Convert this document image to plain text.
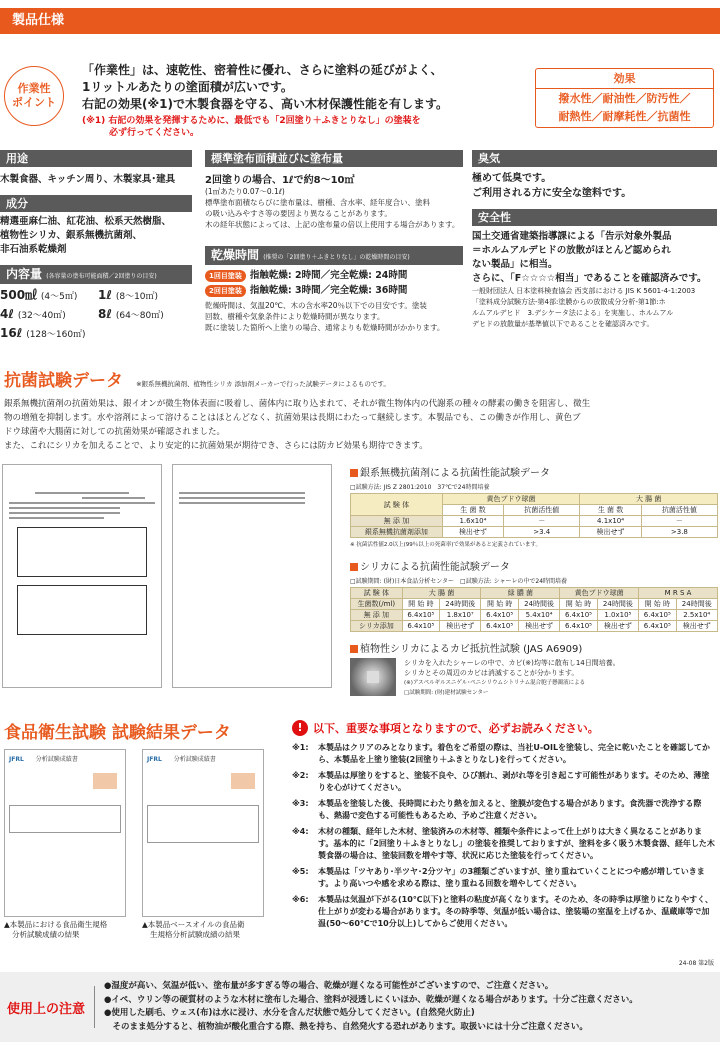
製品仕様
作業性
ポイント
「作業性」は、速乾性、密着性に優れ、さらに塗料の延びがよく、
1リットルあたりの塗面積が広いです。
右記の効果(※1)で木製食器を守る、高い木材保護性能を有します。
(※1) 右記の効果を発揮するために、最低でも「2回塗り＋ふきとりなし」の塗装を
必ず行ってください。
効果
撥水性／耐油性／防汚性／
耐熱性／耐摩耗性／抗菌性
用途
木製食器、キッチン周り、木製家具･建具
成分
精選亜麻仁油、紅花油、松系天然樹脂、
植物性シリカ、銀系無機抗菌剤、
非石油系乾燥剤
内容量 (各容量の塗布可能面積／2回塗りの目安)
500㎖ (4～5㎡)	1ℓ (8～10㎡)
4ℓ (32～40㎡)	8ℓ (64～80㎡)
16ℓ (128～160㎡)
標準塗布面積並びに塗布量
2回塗りの場合、1ℓで約8～10㎡
(1㎡あたり0.07～0.1ℓ)
標準塗布面積ならびに塗布量は、樹種、含水率、経年度合い、塗料
の吸い込みやすさ等の要因より異なることがあります。
木の経年状態によっては、上記の塗布量の倍以上使用する場合があります。
乾燥時間 (推奨の「2回塗り＋ふきとりなし」の乾燥時間の目安)
1回目塗装 指触乾燥: 2時間／完全乾燥: 24時間
2回目塗装 指触乾燥: 3時間／完全乾燥: 36時間
乾燥時間は、気温20℃、木の含水率20％以下での目安です。塗装
回数、樹種や気象条件により乾燥時間が異なります。
既に塗装した箇所へ上塗りの場合、通常よりも乾燥時間がかかります。
臭気
極めて低臭です。
ご利用される方に安全な塗料です。
安全性
国土交通省建築指導課による「告示対象外製品
＝ホルムアルデヒドの放散がほとんど認められ
ない製品」に相当。
さらに、「F☆☆☆☆相当」であることを確認済みです。
一般財団法人 日本塗料検査協会 西支部における JIS K 5601-4-1:2003
「塗料成分試験方法-第4部:塗膜からの放散成分分析-第1節:ホ
ルムアルデヒド　3.デシケータ法による」を実施し、ホルムアル
デヒドの放散量が基準値以下であることを確認済みです。
抗菌試験データ ※銀系無機抗菌剤、植物性シリカ 添加剤メーカーで行った試験データによるものです。
銀系無機抗菌剤の抗菌効果は、銀イオンが微生物体表面に吸着し、菌体内に取り込まれて、それが微生物体内の代謝系の種々の酵素の働きを阻害し、微生
物の増殖を抑制します。水や溶剤によって溶けることはほとんどなく、抗菌効果は長期にわたって継続します。本製品でも、この働きが作用し、黄色ブ
ドウ球菌や大腸菌に対しての抗菌効果が確認されました。
また、これにシリカを加えることで、より安定的に抗菌効果が期待でき、さらには防カビ効果も期待できます。
銀系無機抗菌剤による抗菌性能試験データ
□試験方法: JIS Z 2801:2010　37℃で24時間培養
試 験 体	黄色ブドウ球菌		大 腸 菌	
	生 菌 数	抗菌活性値	生 菌 数	抗菌活性値
無 添 加	1.6x10⁴	－	4.1x10⁴	－
銀系無機抗菌剤添加	検出せず	>3.4	検出せず	>3.8
※ 抗菌活性値2.0以上(99％以上の死菌率)で効果があると定義されています。
シリカによる抗菌性能試験データ
□試験期間: (財)日本食品分析センター　□試験方法: シャーレの中で24時間培養
試 験 体	大 腸 菌		緑 膿 菌		黄色ブドウ球菌		M R S A	
生菌数(/ml)	開 始 時	24時間後	開 始 時	24時間後	開 始 時	24時間後	開 始 時	24時間後
無 添 加	6.4x10⁵	1.8x10⁷	6.4x10⁵	5.4x10⁴	6.4x10⁵	1.0x10⁵	6.4x10⁵	2.5x10⁴
シリカ添加	6.4x10⁵	検出せず	6.4x10⁵	検出せず	6.4x10⁵	検出せず	6.4x10⁵	検出せず
植物性シリカによるカビ抵抗性試験 (JAS A6909)
シリカを入れたシャーレの中で、カビ(※)均等に散布し14日間培養。
シリカとその周辺のカビは消滅することが分かります。
(※)アスペルギルスニゲル･ペニシリウムシトリナム混合胞子懸濁液による
□試験期間: (財)建材試験センター
食品衛生試験 試験結果データ
JFRL 分析試験成績書
▲本製品における食品衛生規格
分析試験成績の結果
JFRL 分析試験成績書
▲本製品ベースオイルの食品衛
生規格分析試験成績の結果
! 以下、重要な事項となりますので、必ずお読みください。
※1:	本製品はクリアのみとなります。着色をご希望の際は、当社U-OILを塗装し、完全に乾いたことを確認してから、本製品を上塗り塗装(2回塗り＋ふきとりなし)を行ってください。
※2:	本製品は厚塗りをすると、塗装不良や、ひび割れ、剥がれ等を引き起こす可能性があります。そのため、薄塗りを心がけてください。
※3:	本製品を塗装した後、長時間にわたり熱を加えると、塗膜が変色する場合があります。食洗器で洗浄する際も、熱湯で変色する可能性もあるため、予めご注意ください。
※4:	木材の種類、経年した木材、塗装済みの木材等、種類や条件によって仕上がりは大きく異なることがあります。基本的に「2回塗り＋ふきとりなし」の塗装を推奨しておりますが、塗料を多く吸う木製食器、経年した木製食器の場合は、塗装回数を増やす等、状況に応じた塗装を行ってください。
※5:	本製品は「ツヤあり･半ツヤ･2分ツヤ」の3種類ございますが、塗り重ねていくことにつや感が増していきます。より高いつや感を求める際は、塗り重ねる回数を増やしてください。
※6:	本製品は気温が下がる(10℃以下)と塗料の粘度が高くなります。そのため、冬の時季は厚塗りになりやすく、仕上がりが変わる場合があります。冬の時季等、気温が低い場合は、塗装場の室温を上げるか、温蔵庫等で加温(50～60℃で10分以上)してからご使用ください。
24-08 第2版
使用上の注意
●湿度が高い、気温が低い、塗布量が多すぎる等の場合、乾燥が遅くなる可能性がございますので、ご注意ください。
●イペ、ウリン等の硬質材のような木材に塗布した場合、塗料が浸透しにくいほか、乾燥が遅くなる場合があります。十分ご注意ください。
●使用した刷毛、ウェス(布)は水に浸け、水分を含んだ状態で処分してください。(自然発火防止)
　そのまま処分すると、植物油が酸化重合する際、熱を持ち、自然発火する恐れがあります。取扱いには十分ご注意ください。
